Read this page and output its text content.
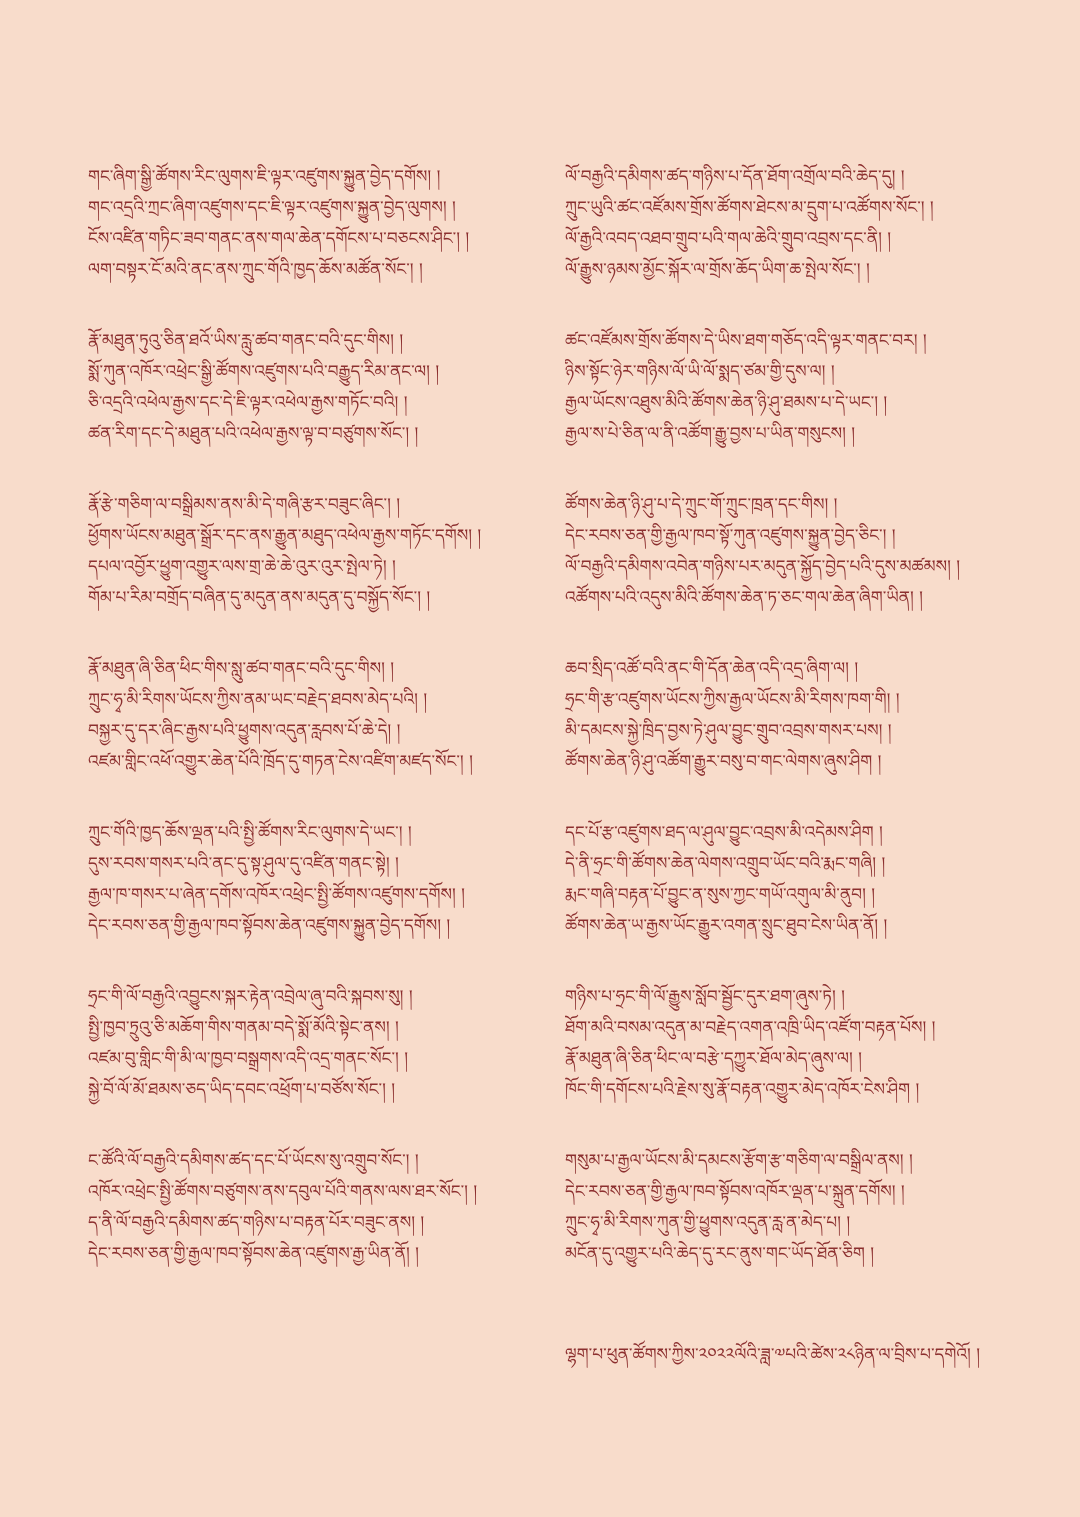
གང་ཞིག་སྒྱི་ཚོགས་རིང་ལུགས་ཇི་ལྟར་འཛུགས་སྐྱུན་བྱེད་དགོས། །
གང་འདྲའི་ཀྲང་ཞིག་འཛུགས་དང་ཇི་ལྟར་འཛུགས་སྐྱུན་བྱེད་ལུགས། །
ངོས་འཛིན་གཏིང་ཟབ་གནང་ནས་གལ་ཆེན་དགོངས་པ་བཅངས་ཤིང་། །
ལག་བསྟར་ངོ་མའི་ནང་ནས་ཀྲུང་གོའི་ཁྱད་ཆོས་མཚོན་སོང་། །
རྣོ་མཐུན་ཏུའུ་ཅིན་ཐའོ་ཡིས་རླུ་ཚབ་གནང་བའི་དུང་གིས། །
སྨོ་ཀུན་འཁོར་འཕྲེང་སྒྱི་ཚོགས་འཛུགས་པའི་བརྒྱུད་རིམ་ནང་ལ། །
ཅི་འདྲའི་འཕེལ་རྒྱས་དང་དེ་ཇི་ལྟར་འཕེལ་རྒྱས་གཏོང་བའི། །
ཚན་རིག་དང་དེ་མཐུན་པའི་འཕེལ་རྒྱས་ལྟ་བ་བཙུགས་སོང་། །
རྣོ་རྩེ་གཅིག་ལ་བསྒྲིམས་ནས་མི་དེ་གཞི་རྩར་བཟུང་ཞིང་། །
ཕྱོགས་ཡོངས་མཐུན་སྒྲོར་དང་ནས་རྒྱུན་མཐུད་འཕེལ་རྒྱས་གཏོང་དགོས། །
དཔལ་འབྱོར་ཕྱུག་འགྱུར་ལས་གྲ་ཆེ་ཆེ་འུར་འུར་སྤེལ་ཏེ། །
གོམ་པ་རིམ་བགྲོད་བཞིན་དུ་མདུན་ནས་མདུན་དུ་བསྐྱོད་སོང་། །
རྣོ་མཐུན་ཞི་ཅིན་ཕིང་གིས་སླུ་ཚབ་གནང་བའི་དུང་གིས། །
ཀྲུང་ཧྭ་མི་རིགས་ཡོངས་ཀྱིས་ནམ་ཡང་བརྗེད་ཐབས་མེད་པའི། །
བསྐྱར་དུ་དར་ཞིང་རྒྱས་པའི་ཕྱུགས་འདུན་རླབས་པོ་ཆེ་དེ། །
འཛམ་གླིང་འཕོ་འགྱུར་ཆེན་པོའི་ཁྲོད་དུ་གཏན་ངེས་འཛིག་མཛད་སོང་། །
ཀྲུང་གོའི་ཁྱད་ཆོས་ལྡན་པའི་སྤྱི་ཚོགས་རིང་ལུགས་དེ་ཡང་། །
དུས་རབས་གསར་པའི་ནང་དུ་སྟ་ཤུལ་དུ་འཛིན་གནང་སྟེ། །
རྒྱལ་ཁ་གསར་པ་ཞེན་དགོས་འཁོར་འཕྲེང་སྤྱི་ཚོགས་འཛུགས་དགོས། །
དེང་རབས་ཅན་གྱི་རྒྱལ་ཁབ་སྟོབས་ཆེན་འཛུགས་སྐྱུན་བྱེད་དགོས། །
ཧྲང་གི་ལོ་བརྒྱའི་འབྱུངས་སྐར་རྟེན་འབྲེལ་ཞུ་བའི་སྐབས་སུ། །
སྤྱི་ཁྱབ་ཏྲུའུ་ཅི་མཆོག་གིས་གནམ་བདེ་སྨོ་མོའི་སྟེང་ནས། །
འཛམ་བུ་གླིང་གི་མི་ལ་ཁྱབ་བསྒྲགས་འདི་འདྲ་གནང་སོང་། །
སྐྱེ་བོ་ལོ་མོ་ཐམས་ཅད་ཡིད་དབང་འཕྲོག་པ་བཙོས་སོང་། །
ང་ཚོའི་ལོ་བརྒྱའི་དམིགས་ཚད་དང་པོ་ཡོངས་སུ་འགྲུབ་སོང་། །
འཁོར་འཕྲེང་སྤྱི་ཚོགས་བཙུགས་ནས་དབུལ་པོའི་གནས་ལས་ཐར་སོང་། །
ད་ནི་ལོ་བརྒྱའི་དམིགས་ཚད་གཉིས་པ་བརྟན་པོར་བཟུང་ནས། །
དེང་རབས་ཅན་གྱི་རྒྱལ་ཁབ་སྟོབས་ཆེན་འཛུགས་རྒྱ་ཡིན་ནོ། །
ལོ་བརྒྱའི་དམིགས་ཚད་གཉིས་པ་དོན་ཐོག་འགྲོལ་བའི་ཆེད་དུ། །
ཀྲུང་ཡུའི་ཚང་འཛོམས་གྲོས་ཚོགས་ཐེངས་མ་དྲུག་པ་འཚོགས་སོང་། །
ལོ་རྒྱའི་འབད་འཐབ་གྲུབ་པའི་གལ་ཆེའི་གྲུབ་འབྲས་དང་ནི། །
ལོ་རྒྱུས་ཉམས་མྱོང་སྐོར་ལ་གྲོས་ཆོད་ཡིག་ཆ་སྤེལ་སོང་། །
ཚང་འཛོམས་གྲོས་ཚོགས་དེ་ཡིས་ཐག་གཅོད་འདི་ལྟར་གནང་བར། །
ཉིས་སྟོང་ཉེར་གཉིས་ལོ་ཡི་ལོ་སྨད་ཙམ་གྱི་དུས་ལ། །
རྒྱལ་ཡོངས་འཐུས་མིའི་ཚོགས་ཆེན་ཉི་ཤུ་ཐམས་པ་དེ་ཡང་། །
རྒྱལ་ས་པེ་ཅིན་ལ་ནི་འཚོག་རྒྱུ་བྱས་པ་ཡིན་གསུངས། །
ཚོགས་ཆེན་ཉི་ཤུ་པ་དེ་ཀྲུང་གོ་ཀྲུང་ཁྲན་དང་གིས། །
དེང་རབས་ཅན་གྱི་རྒྱལ་ཁབ་སྟོ་ཀུན་འཛུགས་སྐྱུན་བྱེད་ཅིང་། །
ལོ་བརྒྱའི་དམིགས་འབེན་གཉིས་པར་མདུན་སྐྱོད་བྱེད་པའི་དུས་མཚམས། །
འཚོགས་པའི་འདུས་མིའི་ཚོགས་ཆེན་ཏ་ཅང་གལ་ཆེན་ཞིག་ཡིན། །
ཆབ་སྲིད་འཚོ་བའི་ནང་གི་དོན་ཆེན་འདི་འདྲ་ཞིག་ལ། །
ཧྲང་གི་རྩ་འཛུགས་ཡོངས་ཀྱིས་རྒྱལ་ཡོངས་མི་རིགས་ཁག་གི། །
མི་དམངས་སྐྱེ་ཁྲིད་བྱས་ཏེ་ཤུལ་བྱུང་གྲུབ་འབྲས་གསར་པས། །
ཚོགས་ཆེན་ཉི་ཤུ་འཚོག་རྒྱུར་བསུ་བ་གང་ལེགས་ཞུས་ཤིག །
དང་པོ་རྩ་འཛུགས་ཐད་ལ་ཤུལ་བྱུང་འབྲས་མི་འདེམས་ཤིག །
དེ་ནི་ཧྲང་གི་ཚོགས་ཆེན་ལེགས་འགྲུབ་ཡོང་བའི་རྨང་གཞི། །
རྨང་གཞི་བརྟན་པོ་བྱུང་ན་སུས་ཀྱང་གཡོ་འགུལ་མི་ནུབ། །
ཚོགས་ཆེན་ཡ་རྒྱས་ཡོང་རྒྱུར་འགན་སྲུང་ཐུབ་ངེས་ཡིན་ནོ། །
གཉིས་པ་ཧྲང་གི་ལོ་རྒྱུས་སློབ་སྦྱོང་དུར་ཐག་ཞུས་ཏེ། །
ཐོག་མའི་བསམ་འདུན་མ་བརྗེད་འགན་འཁྲི་ཡིད་འཛོག་བརྟན་པོས། །
རྣོ་མཐུན་ཞི་ཅིན་ཕིང་ལ་བརྩེ་དཀྱུར་ཐོལ་མེད་ཞུས་ལ། །
ཁོང་གི་དགོངས་པའི་རྗེས་སུ་རྣོ་བརྟན་འགྱུར་མེད་འཁོར་ངེས་ཤིག །
གསུམ་པ་རྒྱལ་ཡོངས་མི་དམངས་རྩོག་རྩ་གཅིག་ལ་བསྒྲིལ་ནས། །
དེང་རབས་ཅན་གྱི་རྒྱལ་ཁབ་སྟོབས་འཁོར་ལྡན་པ་སྐྲུན་དགོས། །
ཀྲུང་ཧྭ་མི་རིགས་ཀུན་གྱི་ཕྱུགས་འདུན་རླ་ན་མེད་པ། །
མངོན་དུ་འགྱུར་པའི་ཆེད་དུ་རང་ནུས་གང་ཡོད་ཐོན་ཅིག །
ལྷག་པ་ཕུན་ཚོགས་ཀྱིས་༢༠༢༢ལོའི་ཟླ་༧པའི་ཚེས་༢༨ཉིན་ལ་བྲིས་པ་དགེའོ། །
